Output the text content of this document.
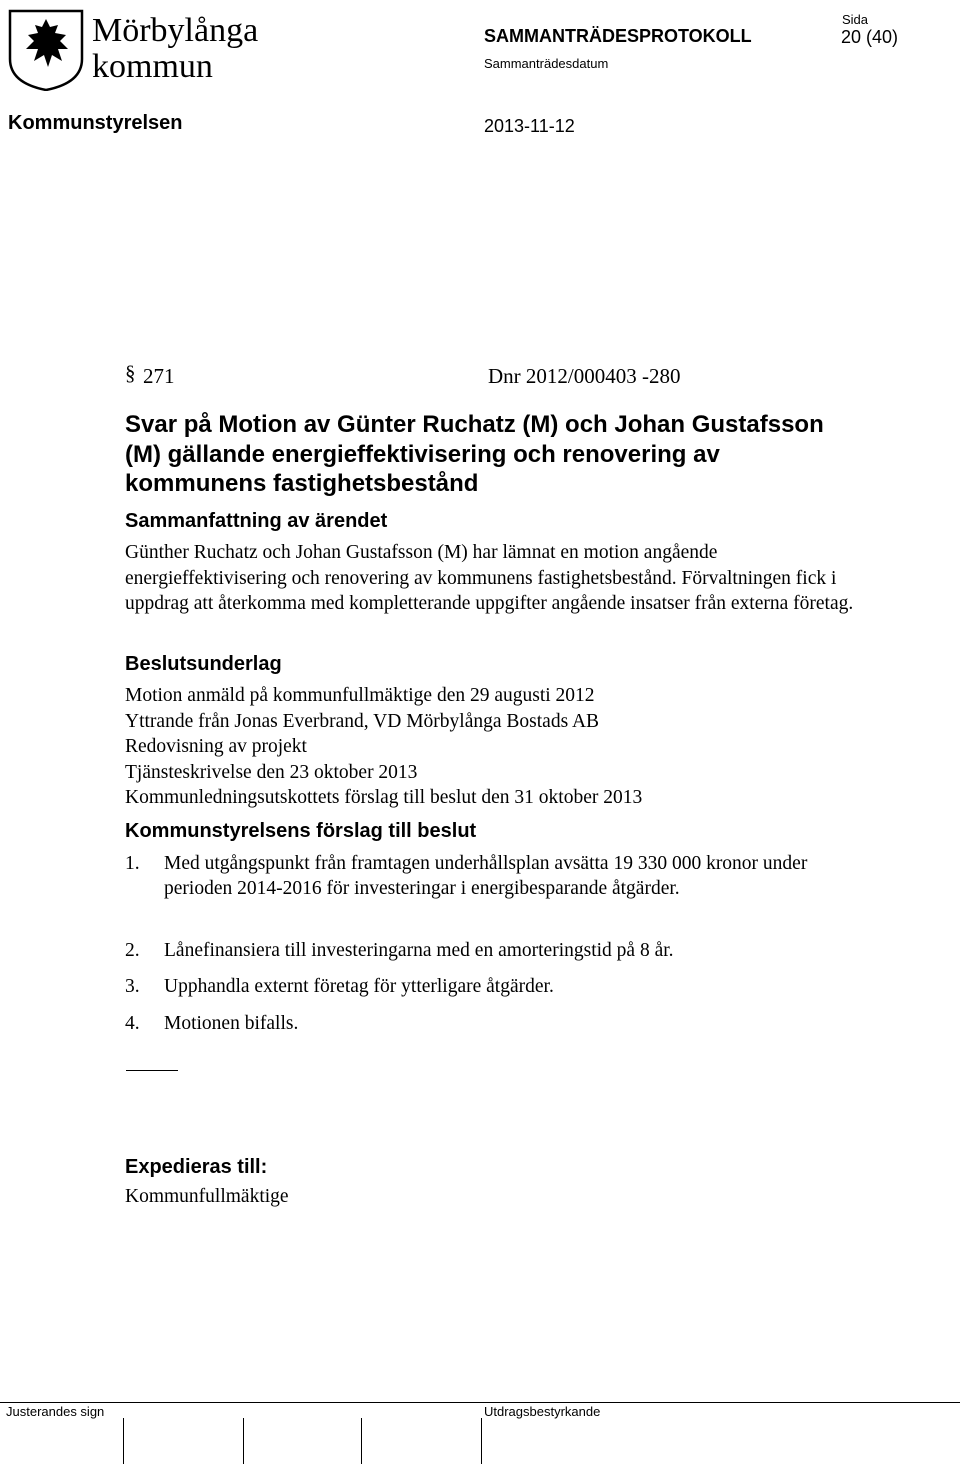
Mörbylånga
kommun
SAMMANTRÄDESPROTOKOLL
Sida
20 (40)
Sammanträdesdatum
Kommunstyrelsen	2013-11-12
§ 271	Dnr 2012/000403 -280
Svar på Motion av Günter Ruchatz (M) och Johan Gustafsson (M) gällande energieffektivisering och renovering av kommunens fastighetsbestånd
Sammanfattning av ärendet
Günther Ruchatz och Johan Gustafsson (M) har lämnat en motion angående energieffektivisering och renovering av kommunens fastighetsbestånd. Förvaltningen fick i uppdrag att återkomma med kompletterande uppgifter angående insatser från externa företag.
Beslutsunderlag
Motion anmäld på kommunfullmäktige den 29 augusti 2012
Yttrande från Jonas Everbrand, VD Mörbylånga Bostads AB
Redovisning av projekt
Tjänsteskrivelse den 23 oktober 2013
Kommunledningsutskottets förslag till beslut den 31 oktober 2013
Kommunstyrelsens förslag till beslut
1. Med utgångspunkt från framtagen underhållsplan avsätta 19 330 000 kronor under perioden 2014-2016 för investeringar i energibesparande åtgärder.
2. Lånefinansiera till investeringarna med en amorteringstid på 8 år.
3. Upphandla externt företag för ytterligare åtgärder.
4. Motionen bifalls.
Expedieras till:
Kommunfullmäktige
Justerandes sign	Utdragsbestyrkande
